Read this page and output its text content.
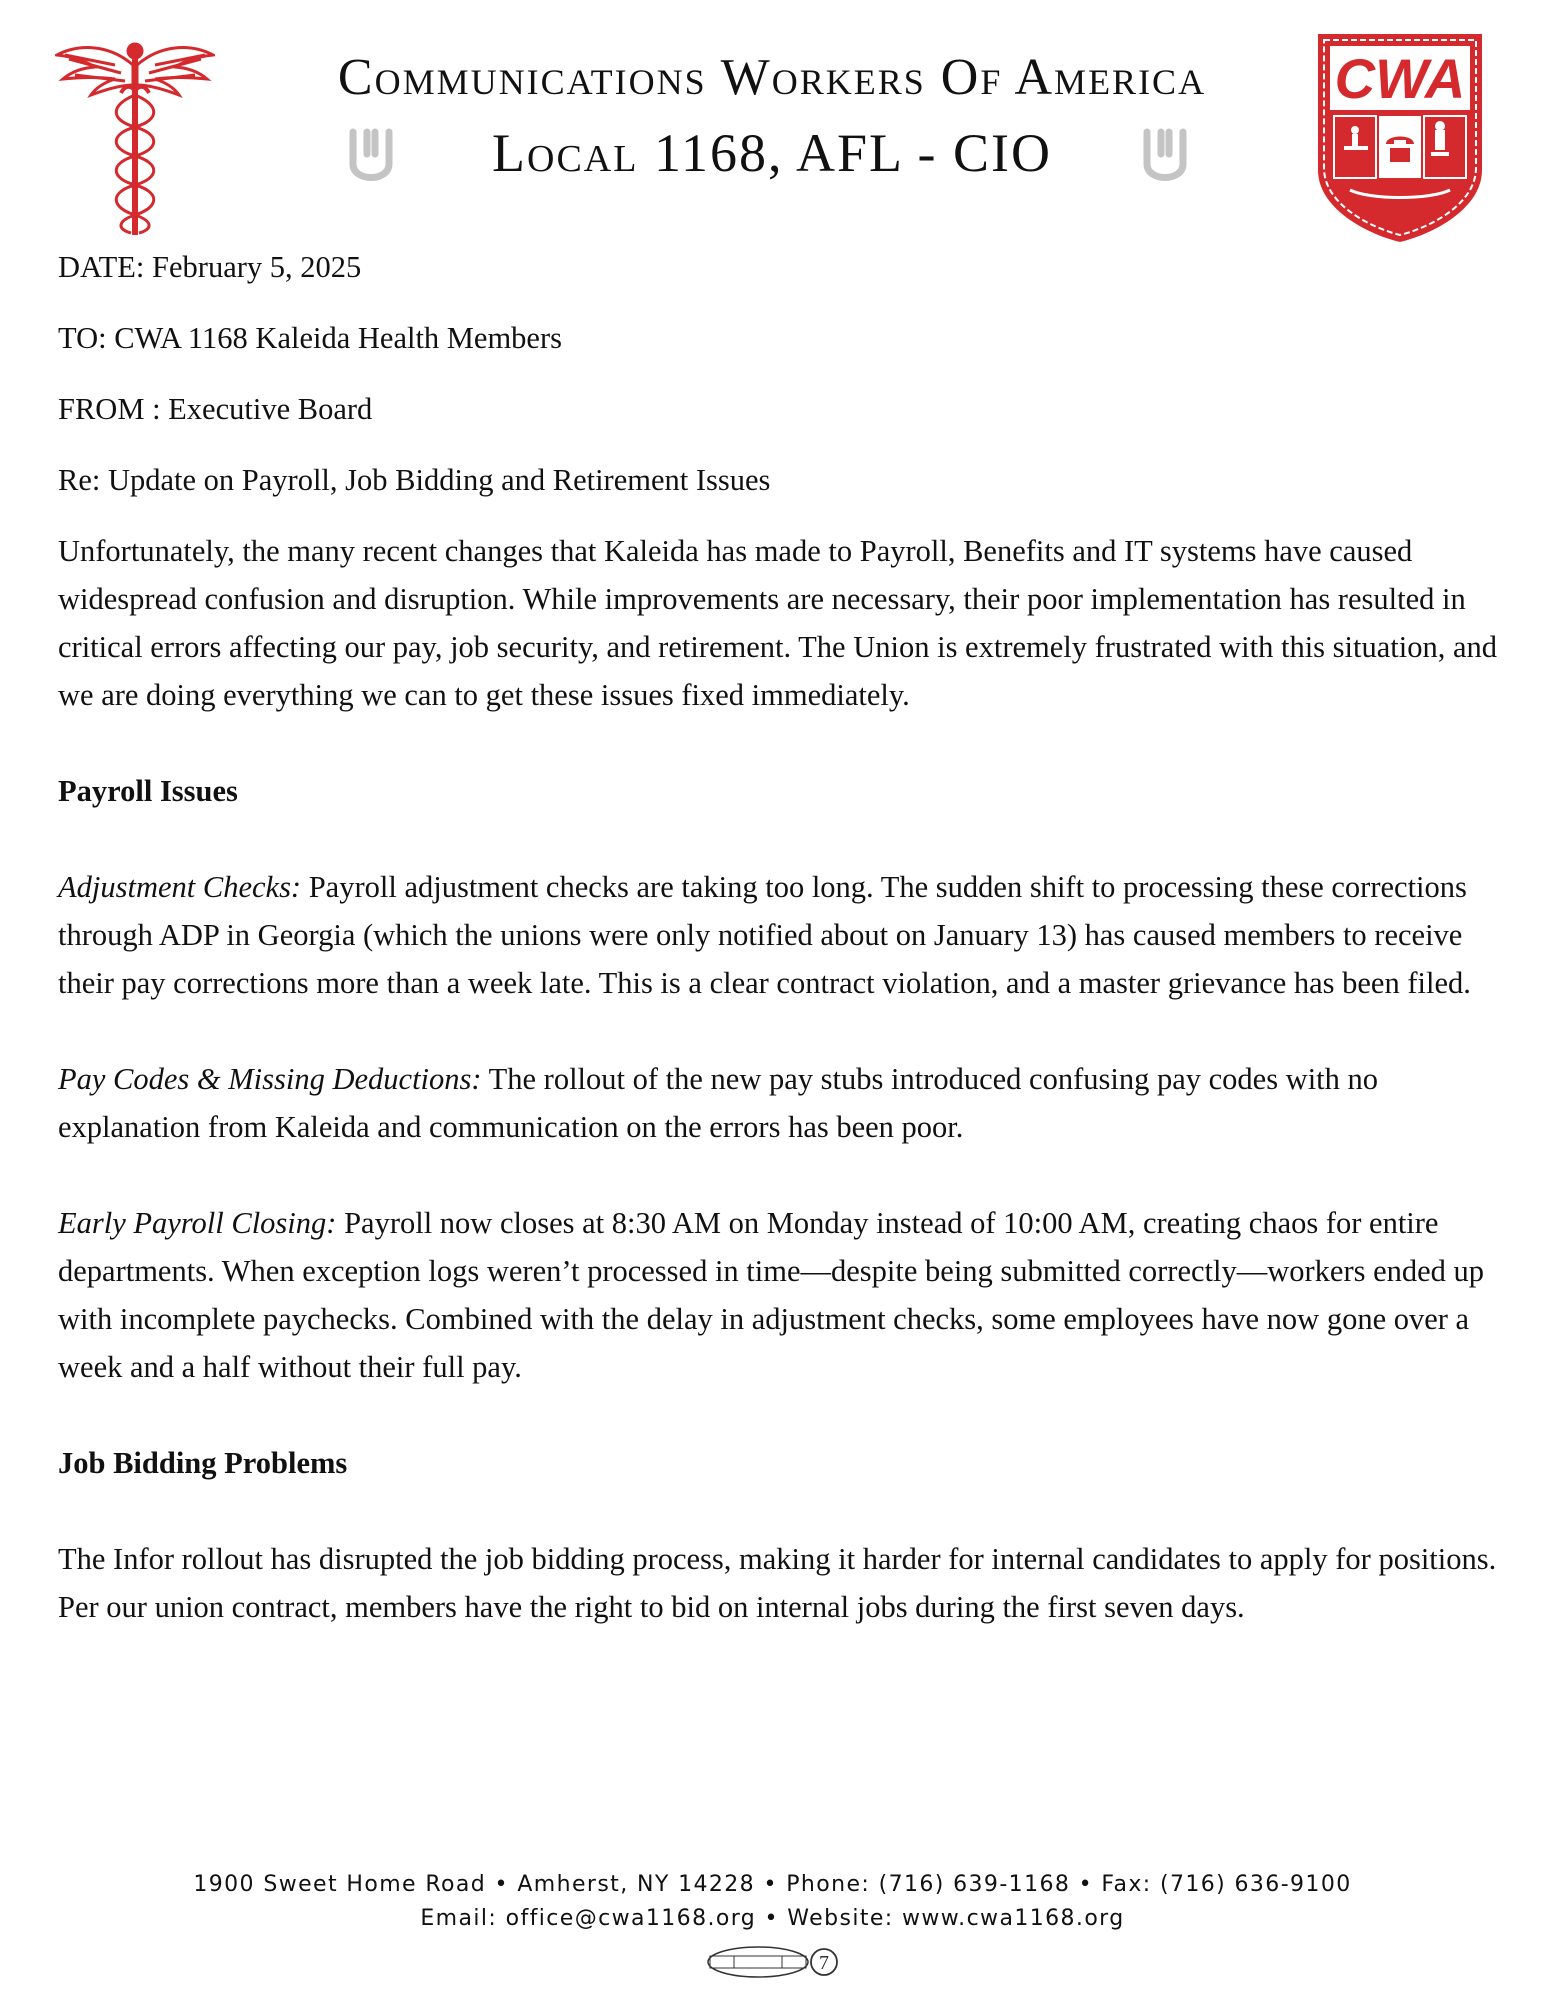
Communications Workers Of America
Local 1168, AFL - CIO
CWA
DATE: February 5, 2025
TO: CWA 1168 Kaleida Health Members
FROM : Executive Board
Re: Update on Payroll, Job Bidding and Retirement Issues

Unfortunately, the many recent changes that Kaleida has made to Payroll, Benefits and IT systems have caused widespread confusion and disruption. While improvements are necessary, their poor implementation has resulted in critical errors affecting our pay, job security, and retirement. The Union is extremely frustrated with this situation, and we are doing everything we can to get these issues fixed immediately.

Payroll Issues

Adjustment Checks: Payroll adjustment checks are taking too long. The sudden shift to processing these corrections through ADP in Georgia (which the unions were only notified about on January 13) has caused members to receive their pay corrections more than a week late. This is a clear contract violation, and a master grievance has been filed.

Pay Codes & Missing Deductions: The rollout of the new pay stubs introduced confusing pay codes with no explanation from Kaleida and communication on the errors has been poor.

Early Payroll Closing: Payroll now closes at 8:30 AM on Monday instead of 10:00 AM, creating chaos for entire departments. When exception logs weren’t processed in time—despite being submitted correctly—workers ended up with incomplete paychecks. Combined with the delay in adjustment checks, some employees have now gone over a week and a half without their full pay.

Job Bidding Problems

The Infor rollout has disrupted the job bidding process, making it harder for internal candidates to apply for positions. Per our union contract, members have the right to bid on internal jobs during the first seven days.

1900 Sweet Home Road • Amherst, NY 14228 • Phone: (716) 639-1168 • Fax: (716) 636-9100
Email: office@cwa1168.org • Website: www.cwa1168.org
7
